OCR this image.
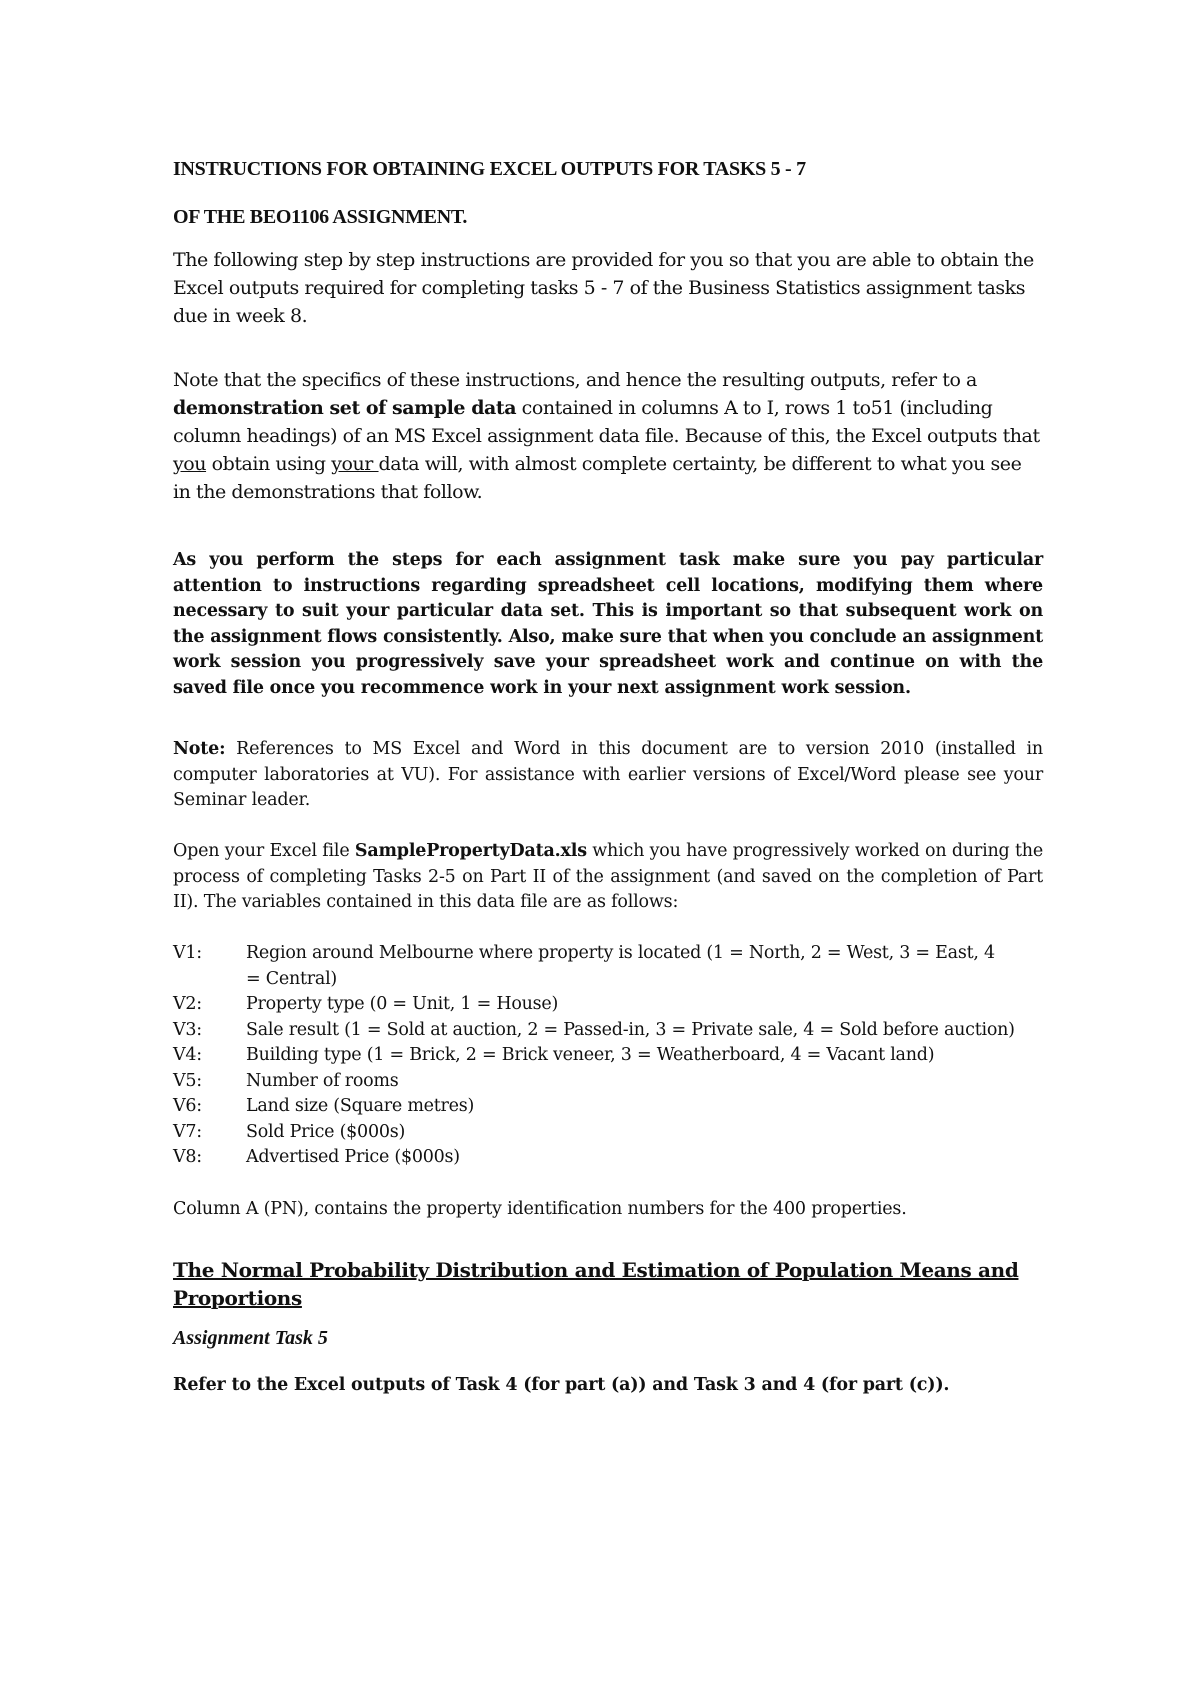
INSTRUCTIONS FOR OBTAINING EXCEL OUTPUTS FOR TASKS 5 - 7
OF THE BEO1106 ASSIGNMENT.
The following step by step instructions are provided for you so that you are able to obtain the Excel outputs required for completing tasks 5 - 7 of the Business Statistics assignment tasks due in week 8.
Note that the specifics of these instructions, and hence the resulting outputs, refer to a demonstration set of sample data contained in columns A to I, rows 1 to51 (including column headings) of an MS Excel assignment data file. Because of this, the Excel outputs that you obtain using your data will, with almost complete certainty, be different to what you see in the demonstrations that follow.
As you perform the steps for each assignment task make sure you pay particular attention to instructions regarding spreadsheet cell locations, modifying them where necessary to suit your particular data set. This is important so that subsequent work on the assignment flows consistently. Also, make sure that when you conclude an assignment work session you progressively save your spreadsheet work and continue on with the saved file once you recommence work in your next assignment work session.
Note: References to MS Excel and Word in this document are to version 2010 (installed in computer laboratories at VU). For assistance with earlier versions of Excel/Word please see your Seminar leader.
Open your Excel file SamplePropertyData.xls which you have progressively worked on during the process of completing Tasks 2-5 on Part II of the assignment (and saved on the completion of Part II). The variables contained in this data file are as follows:
V1:	Region around Melbourne where property is located (1 = North, 2 = West, 3 = East, 4 = Central)
V2:	Property type (0 = Unit, 1 = House)
V3:	Sale result (1 = Sold at auction, 2 = Passed-in, 3 = Private sale, 4 = Sold before auction)
V4:	Building type (1 = Brick, 2 = Brick veneer, 3 = Weatherboard, 4 = Vacant land)
V5:	Number of rooms
V6:	Land size (Square metres)
V7:	Sold Price ($000s)
V8:	Advertised Price ($000s)
Column A (PN), contains the property identification numbers for the 400 properties.
The Normal Probability Distribution and Estimation of Population Means and Proportions
Assignment Task 5
Refer to the Excel outputs of Task 4 (for part (a)) and Task 3 and 4 (for part (c)).
